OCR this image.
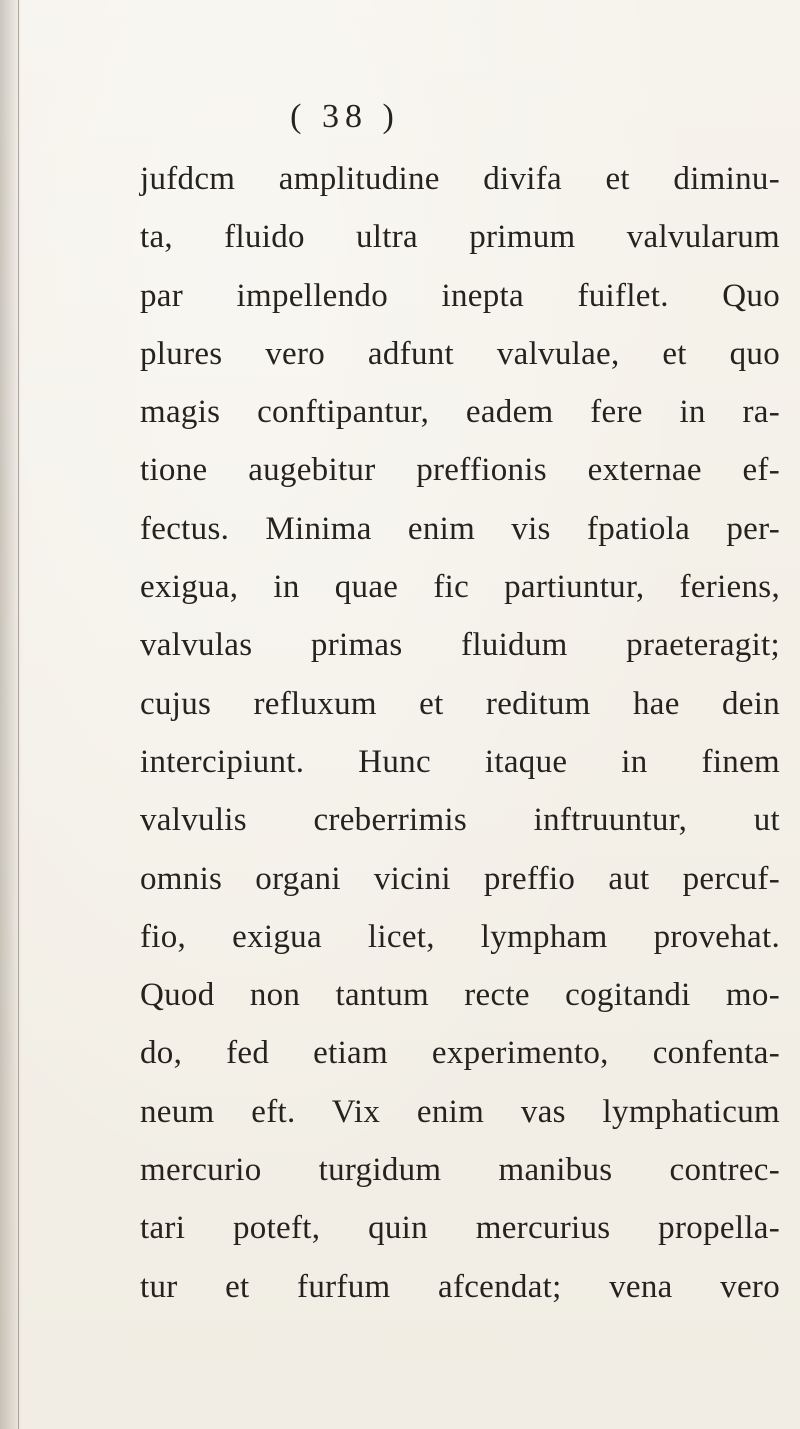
( 38 )
jufdcm amplitudine divifa et diminu-
ta, fluido ultra primum valvularum
par impellendo inepta fuiflet. Quo
plures vero adfunt valvulae, et quo
magis conftipantur, eadem fere in ra-
tione augebitur preffionis externae ef-
fectus. Minima enim vis fpatiola per-
exigua, in quae fic partiuntur, feriens,
valvulas primas fluidum praeteragit;
cujus refluxum et reditum hae dein
intercipiunt. Hunc itaque in finem
valvulis creberrimis inftruuntur, ut
omnis organi vicini preffio aut percuf-
fio, exigua licet, lympham provehat.
Quod non tantum recte cogitandi mo-
do, fed etiam experimento, confenta-
neum eft. Vix enim vas lymphaticum
mercurio turgidum manibus contrec-
tari poteft, quin mercurius propella-
tur et furfum afcendat; vena vero
